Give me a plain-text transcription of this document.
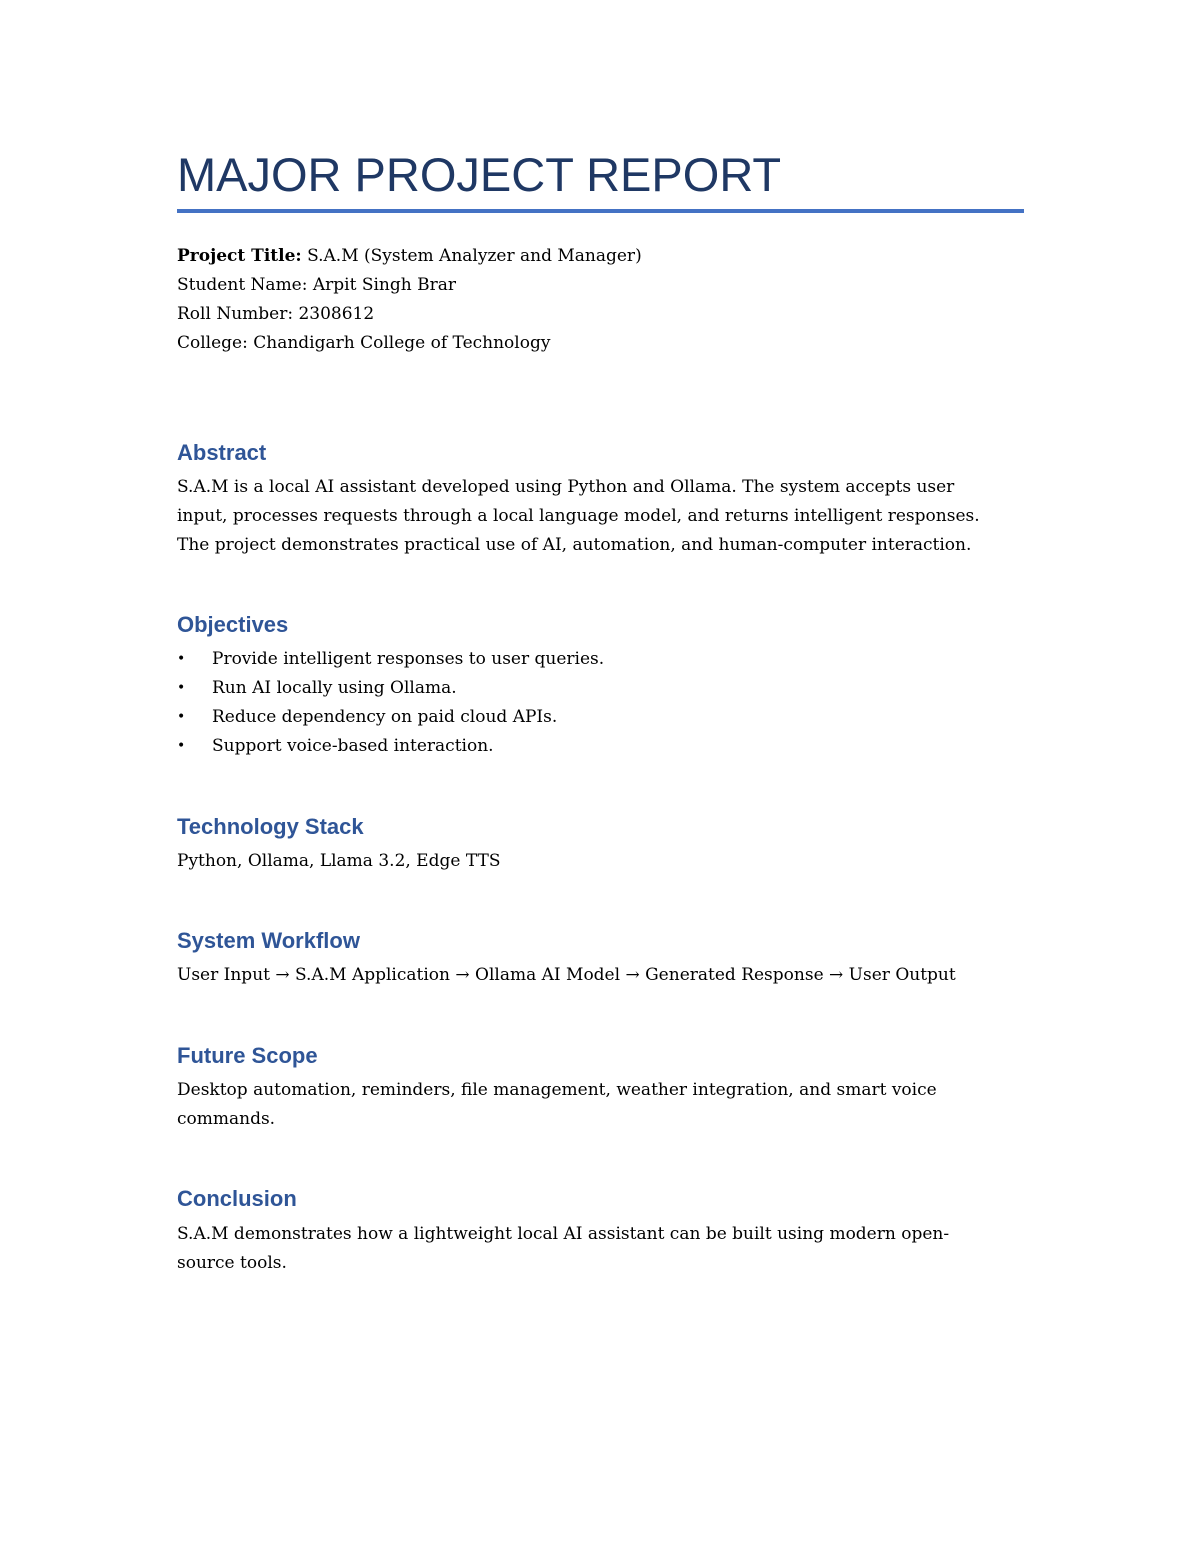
MAJOR PROJECT REPORT
Project Title: S.A.M (System Analyzer and Manager)
Student Name: Arpit Singh Brar
Roll Number: 2308612
College: Chandigarh College of Technology
Abstract
S.A.M is a local AI assistant developed using Python and Ollama. The system accepts user
input, processes requests through a local language model, and returns intelligent responses.
The project demonstrates practical use of AI, automation, and human-computer interaction.
Objectives
• Provide intelligent responses to user queries.
• Run AI locally using Ollama.
• Reduce dependency on paid cloud APIs.
• Support voice-based interaction.
Technology Stack
Python, Ollama, Llama 3.2, Edge TTS
System Workflow
User Input → S.A.M Application → Ollama AI Model → Generated Response → User Output
Future Scope
Desktop automation, reminders, file management, weather integration, and smart voice
commands.
Conclusion
S.A.M demonstrates how a lightweight local AI assistant can be built using modern open-
source tools.
